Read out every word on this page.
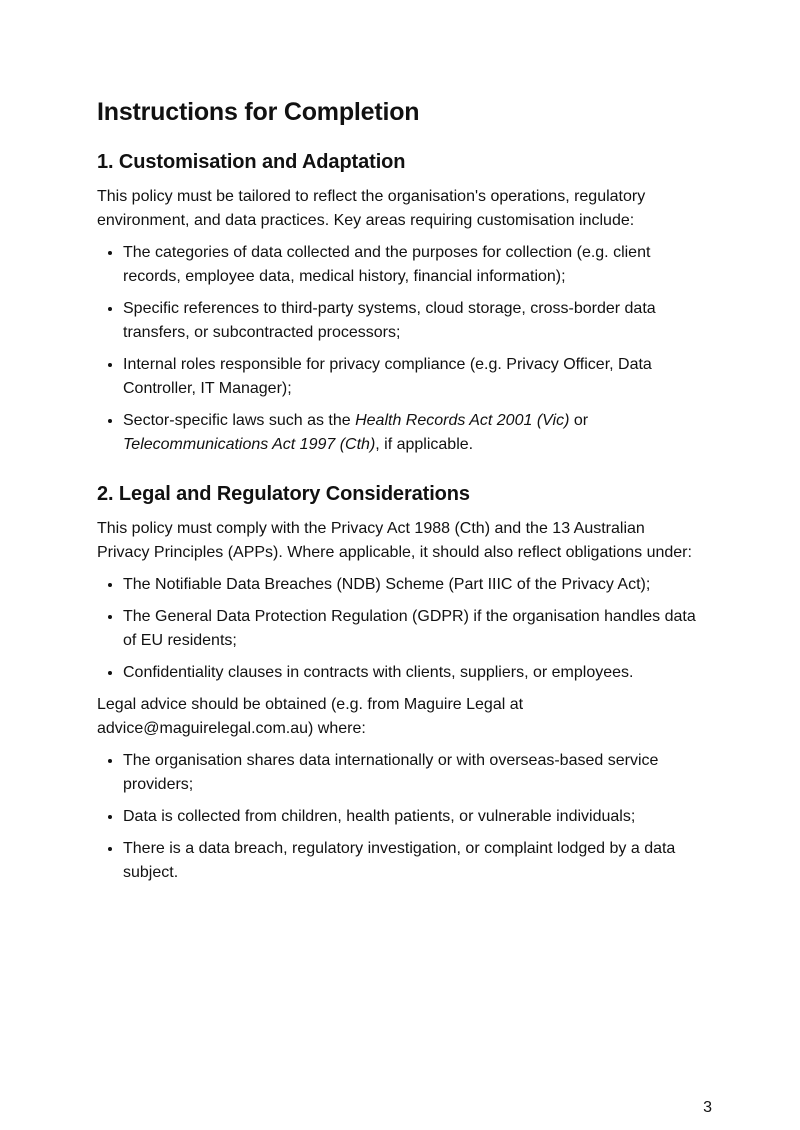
Instructions for Completion
1. Customisation and Adaptation

This policy must be tailored to reflect the organisation's operations, regulatory environment, and data practices. Key areas requiring customisation include:

• The categories of data collected and the purposes for collection (e.g. client records, employee data, medical history, financial information);
• Specific references to third-party systems, cloud storage, cross-border data transfers, or subcontracted processors;
• Internal roles responsible for privacy compliance (e.g. Privacy Officer, Data Controller, IT Manager);
• Sector-specific laws such as the Health Records Act 2001 (Vic) or Telecommunications Act 1997 (Cth), if applicable.
2. Legal and Regulatory Considerations

This policy must comply with the Privacy Act 1988 (Cth) and the 13 Australian Privacy Principles (APPs). Where applicable, it should also reflect obligations under:

• The Notifiable Data Breaches (NDB) Scheme (Part IIIC of the Privacy Act);
• The General Data Protection Regulation (GDPR) if the organisation handles data of EU residents;
• Confidentiality clauses in contracts with clients, suppliers, or employees.

Legal advice should be obtained (e.g. from Maguire Legal at advice@maguirelegal.com.au) where:

• The organisation shares data internationally or with overseas-based service providers;
• Data is collected from children, health patients, or vulnerable individuals;
• There is a data breach, regulatory investigation, or complaint lodged by a data subject.
3
